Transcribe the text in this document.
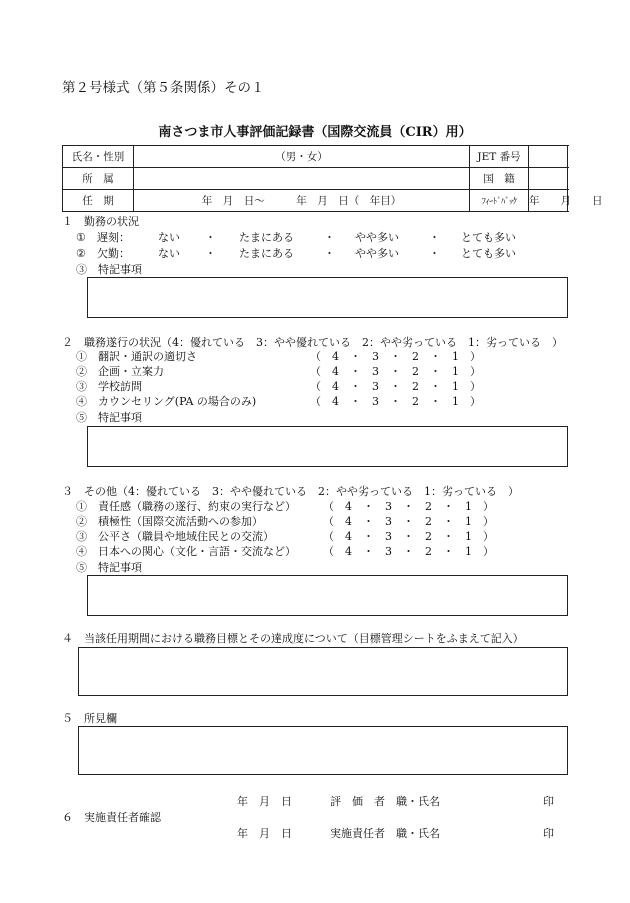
第２号様式（第５条関係）その１
南さつま市人事評価記録書（国際交流員（CIR）用）
氏名・性別	（男・女）	JET 番号	
所　属		国　籍	
任　期	年　月　日〜　　　年　月　日（　年目）	ﾌｨｰﾄﾞﾊﾞｯｸ	年　　月　　日
１　勤務の状況
① 遅刻：	ない ・ たまにある	・ やや多い	・ とても多い
② 欠勤：	ない ・ たまにある	・ やや多い	・ とても多い
③　特記事項
２　職務遂行の状況（4：優れている　3：やや優れている　2：やや劣っている　1：劣っている　）
①　翻訳・通訳の適切さ	（　4　・　3　・　2　・　1　）
②　企画・立案力	（　4　・　3　・　2　・　1　）
③　学校訪問	（　4　・　3　・　2　・　1　）
④　カウンセリング(PA の場合のみ)	（　4　・　3　・　2　・　1　）
⑤　特記事項
３　その他（4：優れている　3：やや優れている　2：やや劣っている　1：劣っている　）
①　責任感（職務の遂行、約束の実行など） （　4　・　3　・　2　・　1　）
②　積極性（国際交流活動への参加）	（　4　・　3　・　2　・　1　）
③　公平さ（職員や地域住民との交流）	（　4　・　3　・　2　・　1　）
④　日本への関心（文化・言語・交流など） （　4　・　3　・　2　・　1　）
⑤　特記事項
４　当該任用期間における職務目標とその達成度について（目標管理シートをふまえて記入）
５　所見欄
年　月　日	評　価　者　職・氏名	印
６　実施責任者確認
年　月　日	実施責任者　職・氏名	印
